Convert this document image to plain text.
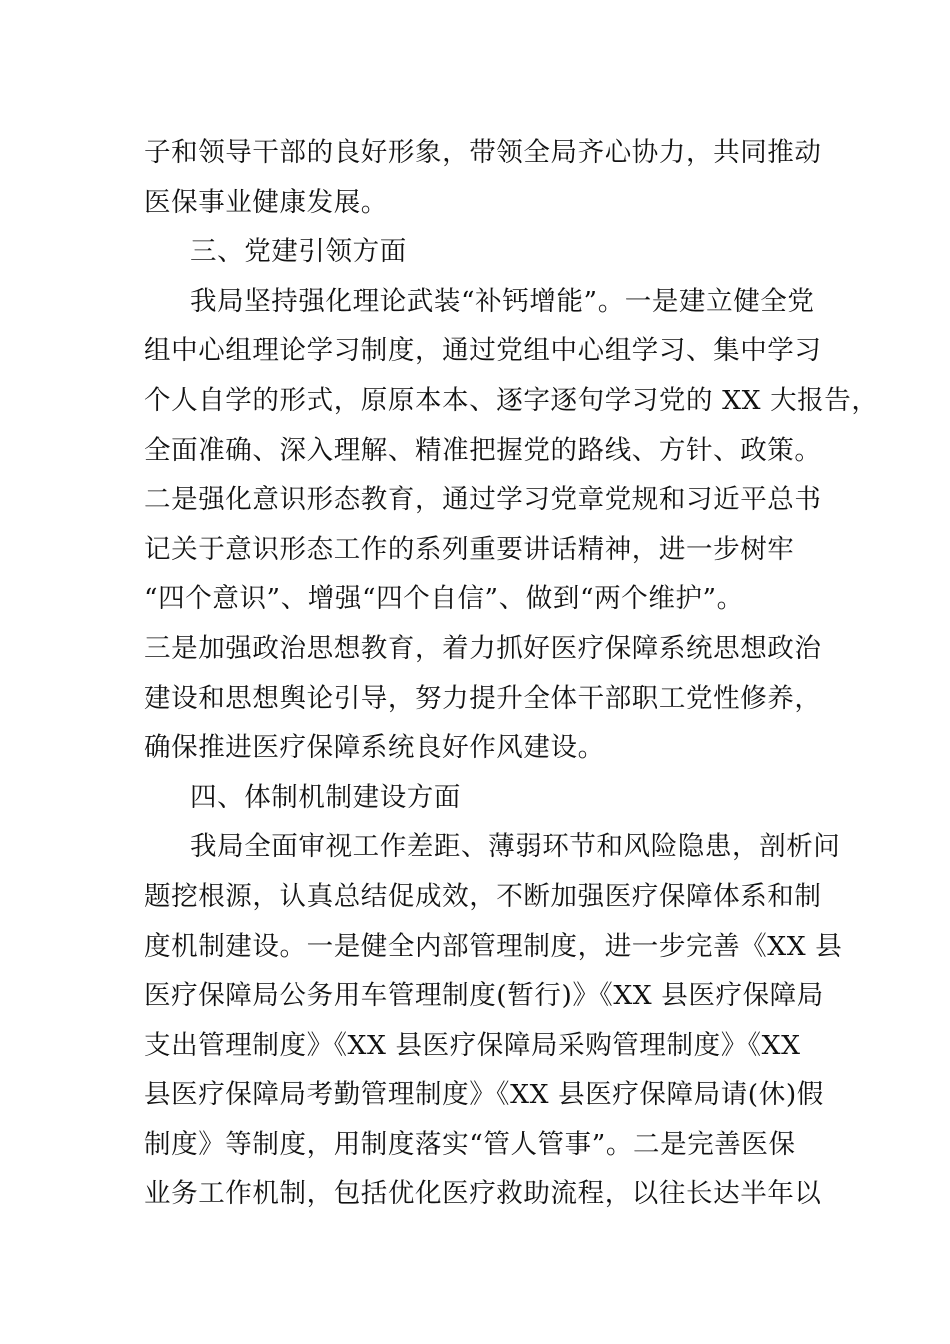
子和领导干部的良好形象，带领全局齐心协力，共同推动
医保事业健康发展。
三、党建引领方面
我局坚持强化理论武装“补钙增能”。一是建立健全党
组中心组理论学习制度，通过党组中心组学习、集中学习
个人自学的形式，原原本本、逐字逐句学习党的 XX 大报告，
全面准确、深入理解、精准把握党的路线、方针、政策。
二是强化意识形态教育，通过学习党章党规和习近平总书
记关于意识形态工作的系列重要讲话精神，进一步树牢
“四个意识”、增强“四个自信”、做到“两个维护”。
三是加强政治思想教育，着力抓好医疗保障系统思想政治
建设和思想舆论引导，努力提升全体干部职工党性修养，
确保推进医疗保障系统良好作风建设。
四、体制机制建设方面
我局全面审视工作差距、薄弱环节和风险隐患，剖析问
题挖根源，认真总结促成效，不断加强医疗保障体系和制
度机制建设。一是健全内部管理制度，进一步完善《XX 县
医疗保障局公务用车管理制度(暂行)》《XX 县医疗保障局
支出管理制度》《XX 县医疗保障局采购管理制度》《XX
县医疗保障局考勤管理制度》《XX 县医疗保障局请(休)假
制度》等制度，用制度落实“管人管事”。二是完善医保
业务工作机制，包括优化医疗救助流程，以往长达半年以
